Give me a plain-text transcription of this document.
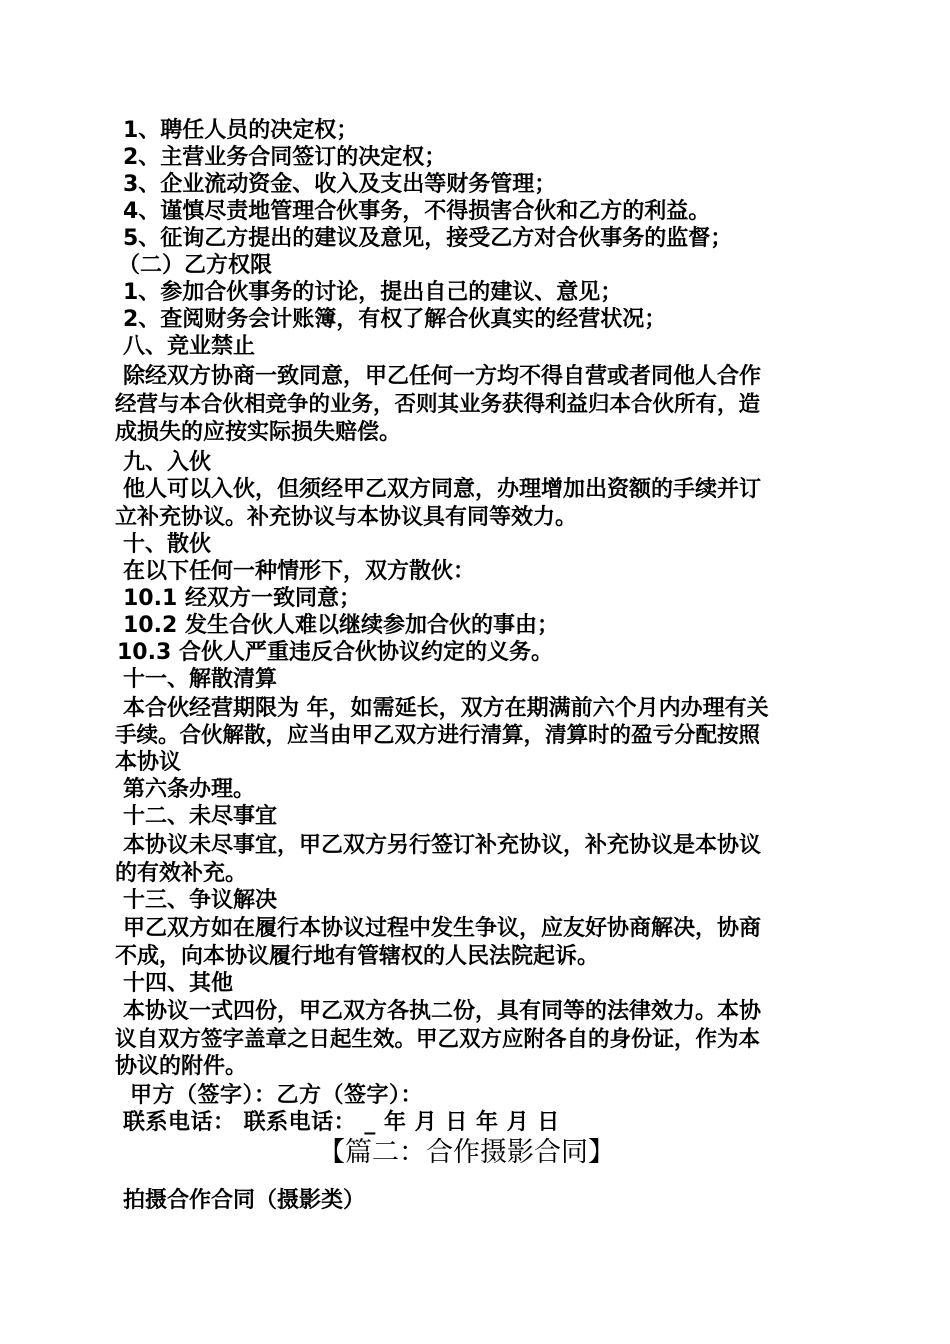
1、聘任人员的决定权；
2、主营业务合同签订的决定权；
3、企业流动资金、收入及支出等财务管理；
4、谨慎尽责地管理合伙事务，不得损害合伙和乙方的利益。
5、征询乙方提出的建议及意见，接受乙方对合伙事务的监督；
（二）乙方权限
1、参加合伙事务的讨论，提出自己的建议、意见；
2、查阅财务会计账簿，有权了解合伙真实的经营状况；
八、竞业禁止
除经双方协商一致同意，甲乙任何一方均不得自营或者同他人合作
经营与本合伙相竞争的业务，否则其业务获得利益归本合伙所有，造
成损失的应按实际损失赔偿。
九、入伙
他人可以入伙，但须经甲乙双方同意，办理增加出资额的手续并订
立补充协议。补充协议与本协议具有同等效力。
十、散伙
在以下任何一种情形下，双方散伙：
10.1 经双方一致同意；
10.2 发生合伙人难以继续参加合伙的事由；
10.3 合伙人严重违反合伙协议约定的义务。
十一、解散清算
本合伙经营期限为 年，如需延长，双方在期满前六个月内办理有关
手续。合伙解散，应当由甲乙双方进行清算，清算时的盈亏分配按照
本协议
第六条办理。
十二、未尽事宜
本协议未尽事宜，甲乙双方另行签订补充协议，补充协议是本协议
的有效补充。
十三、争议解决
甲乙双方如在履行本协议过程中发生争议，应友好协商解决，协商
不成，向本协议履行地有管辖权的人民法院起诉。
十四、其他
本协议一式四份，甲乙双方各执二份，具有同等的法律效力。本协
议自双方签字盖章之日起生效。甲乙双方应附各自的身份证，作为本
协议的附件。
甲方（签字）：乙方（签字）：
联系电话： 联系电话： _ 年 月 日 年 月 日
【篇二：合作摄影合同】
拍摄合作合同（摄影类）
